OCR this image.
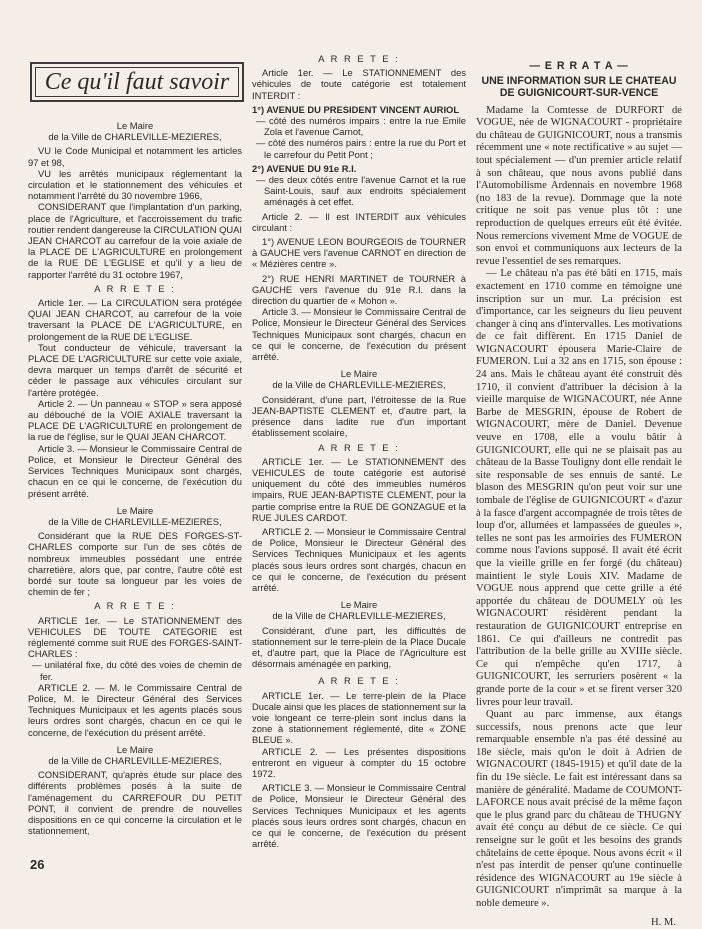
Ce qu'il faut savoir

Le Maire

de la Ville de CHARLEVILLE-MEZIERES,

VU le Code Municipal et notamment les articles 97 et 98,

VU les arrêtés municipaux réglementant la circulation et le stationnement des véhicules et notamment l'arrêté du 30 novembre 1966,

CONSIDERANT que l'implantation d'un parking, place de l'Agriculture, et l'accroissement du trafic routier rendent dangereuse la CIRCULATION QUAI JEAN CHARCOT au carrefour de la voie axiale de la PLACE DE L'AGRICULTURE en prolongement de la RUE DE L'EGLISE et qu'il y a lieu de rapporter l'arrêté du 31 octobre 1967,

A R R E T E :

Article 1er. — La CIRCULATION sera protégée QUAI JEAN CHARCOT, au carrefour de la voie traversant la PLACE DE L'AGRICULTURE, en prolongement de la RUE DE L'EGLISE.

Tout conducteur de véhicule, traversant la PLACE DE L'AGRICULTURE sur cette voie axiale, devra marquer un temps d'arrêt de sécurité et céder le passage aux véhicules circulant sur l'artère protégée.

Article 2. — Un panneau « STOP » sera apposé au débouché de la VOIE AXIALE traversant la PLACE DE L'AGRICULTURE en prolongement de la rue de l'église, sur le QUAI JEAN CHARCOT.

Article 3. — Monsieur le Commissaire Central de Police, et Monsieur le Directeur Général des Services Techniques Municipaux sont chargés, chacun en ce qui le concerne, de l'exécution du présent arrêté.

Le Maire

de la Ville de CHARLEVILLE-MEZIERES,

Considérant que la RUE DES FORGES-ST-CHARLES comporte sur l'un de ses côtés de nombreux immeubles possédant une entrée charretière, alors que, par contre, l'autre côté est bordé sur toute sa longueur par les voies de chemin de fer ;

A R R E T E :

ARTICLE 1er. — Le STATIONNEMENT des VEHICULES DE TOUTE CATEGORIE est réglementé comme suit RUE des FORGES-SAINT-CHARLES :

— unilatéral fixe, du côté des voies de chemin de fer.

ARTICLE 2. — M. le Commissaire Central de Police, M. le Directeur Général des Services Techniques Municipaux et les agents placés sous leurs ordres sont chargés, chacun en ce qui le concerne, de l'exécution du présent arrêté.

Le Maire

de la Ville de CHARLEVILLE-MEZIERES,

CONSIDERANT, qu'après étude sur place des différents problèmes posés à la suite de l'aménagement du CARREFOUR DU PETIT PONT, il convient de prendre de nouvelles dispositions en ce qui concerne la circulation et le stationnement,

A R R E T E :

Article 1er. — Le STATIONNEMENT des véhicules de toute catégorie est totalement INTERDIT :

1°) AVENUE DU PRESIDENT VINCENT AURIOL

— côté des numéros impairs : entre la rue Emile Zola et l'avenue Carnot,

— côté des numéros pairs : entre la rue du Port et le carrefour du Petit Pont ;

2°) AVENUE DU 91e R.I.

— des deux côtés entre l'avenue Carnot et la rue Saint-Louis, sauf aux endroits spécialement aménagés à cet effet.

Article 2. — Il est INTERDIT aux véhicules circulant :

1°) AVENUE LEON BOURGEOIS de TOURNER à GAUCHE vers l'avenue CARNOT en direction de « Mézières centre ».

2°) RUE HENRI MARTINET de TOURNER à GAUCHE vers l'avenue du 91e R.I. dans la direction du quartier de « Mohon ».

Article 3. — Monsieur le Commissaire Central de Police, Monsieur le Directeur Général des Services Techniques Municipaux sont chargés, chacun en ce qui le concerne, de l'exécution du présent arrêté.

Le Maire

de la Ville de CHARLEVILLE-MEZIERES,

Considérant, d'une part, l'étroitesse de la Rue JEAN-BAPTISTE CLEMENT et, d'autre part, la présence dans ladite rue d'un important établissement scolaire,

A R R E T E :

ARTICLE 1er. — Le STATIONNEMENT des VEHICULES de toute catégorie est autorisé uniquement du côté des immeubles numéros impairs, RUE JEAN-BAPTISTE CLEMENT, pour la partie comprise entre la RUE DE GONZAGUE et la RUE JULES CARDOT.

ARTICLE 2. — Monsieur le Commissaire Central de Police, Monsieur le Directeur Général des Services Techniques Municipaux et les agents placés sous leurs ordres sont chargés, chacun en ce qui le concerne, de l'exécution du présent arrêté.

Le Maire

de la Ville de CHARLEVILLE-MEZIERES,

Considérant, d'une part, les difficultés de stationnement sur le terre-plein de la Place Ducale et, d'autre part, que la Place de l'Agriculture est désormais aménagée en parking,

A R R E T E :

ARTICLE 1er. — Le terre-plein de la Place Ducale ainsi que les places de stationnement sur la voie longeant ce terre-plein sont inclus dans la zone à stationnement réglementé, dite « ZONE BLEUE ».

ARTICLE 2. — Les présentes dispositions entreront en vigueur à compter du 15 octobre 1972.

ARTICLE 3. — Monsieur le Commissaire Central de Police, Monsieur le Directeur Général des Services Techniques Municipaux et les agents placés sous leurs ordres sont chargés, chacun en ce qui le concerne, de l'exécution du présent arrêté.

— E R R A T A —

UNE INFORMATION SUR LE CHATEAU
DE GUIGNICOURT-SUR-VENCE

Madame la Comtesse de DURFORT de VOGUE, née de WIGNACOURT - propriétaire du château de GUIGNICOURT, nous a transmis récemment une « note rectificative » au sujet — tout spécialement — d'un premier article relatif à son château, que nous avons publié dans l'Automobilisme Ardennais en novembre 1968 (no 183 de la revue). Dommage que la note critique ne soit pas venue plus tôt : une reproduction de quelques erreurs eût été évitée. Nous remercions vivement Mme de VOGUE de son envoi et communiquons aux lecteurs de la revue l'essentiel de ses remarques.

— Le château n'a pas été bâti en 1715, mais exactement en 1710 comme en témoigne une inscription sur un mur. La précision est d'importance, car les seigneurs du lieu peuvent changer à cinq ans d'intervalles. Les motivations de ce fait diffèrent. En 1715 Daniel de WIGNACOURT épousera Marie-Claire de FUMERON. Lui a 32 ans en 1715, son épouse : 24 ans. Mais le château ayant été construit dès 1710, il convient d'attribuer la décision à la vieille marquise de WIGNACOURT, née Anne Barbe de MESGRIN, épouse de Robert de WIGNACOURT, mère de Daniel. Devenue veuve en 1708, elle a voulu bâtir à GUIGNICOURT, elle qui ne se plaisait pas au château de la Basse Touligny dont elle rendait le site responsable de ses ennuis de santé. Le blason des MESGRIN qu'on peut voir sur une tombale de l'église de GUIGNICOURT « d'azur à la fasce d'argent accompagnée de trois têtes de loup d'or, allumées et lampassées de gueules », telles ne sont pas les armoiries des FUMERON comme nous l'avions supposé. Il avait été écrit que la vieille grille en fer forgé (du château) maintient le style Louis XIV. Madame de VOGUE nous apprend que cette grille a été apportée du château de DOUMELY où les WIGNACOURT résidèrent pendant la restauration de GUIGNICOURT entreprise en 1861. Ce qui d'ailleurs ne contredit pas l'attribution de la belle grille au XVIIIe siècle. Ce qui n'empêche qu'en 1717, à GUIGNICOURT, les serruriers posèrent « la grande porte de la cour » et se firent verser 320 livres pour leur travail.

Quant au parc immense, aux étangs successifs, nous prenons acte que leur remarquable ensemble n'a pas été dessiné au 18e siècle, mais qu'on le doit à Adrien de WIGNACOURT (1845-1915) et qu'il date de la fin du 19e siècle. Le fait est intéressant dans sa manière de généralité. Madame de COUMONT-LAFORCE nous avait précisé de la même façon que le plus grand parc du château de THUGNY avait été conçu au début de ce siècle. Ce qui renseigne sur le goût et les besoins des grands châtelains de cette époque. Nous avons écrit « il n'est pas interdit de penser qu'une continuelle résidence des WIGNACOURT au 19e siècle à GUIGNICOURT n'imprimât sa marque à la noble demeure ».

H. M.

26
